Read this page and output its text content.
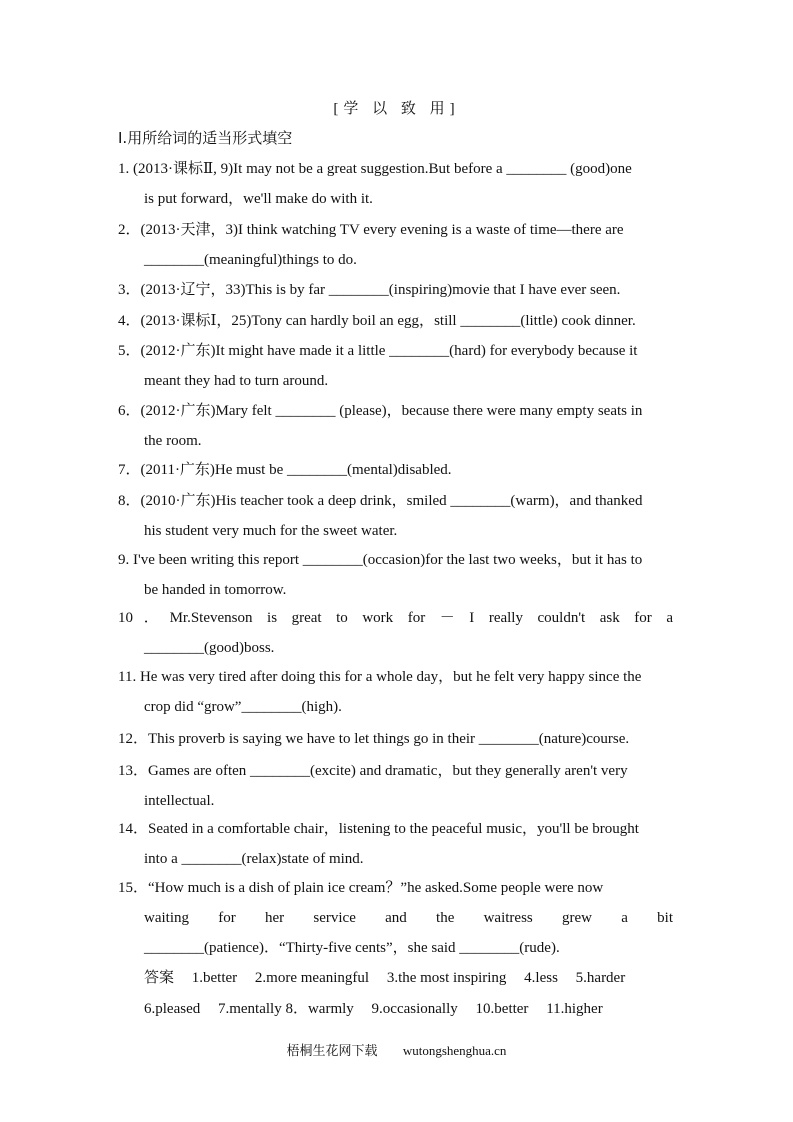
[学 以 致 用]
Ⅰ.用所给词的适当形式填空
1. (2013·课标Ⅱ, 9)It may not be a great suggestion.But before a ________ (good)one
is put forward，we'll make do with it.
2．(2013·天津，3)I think watching TV every evening is a waste of time—there are
________(meaningful)things to do.
3．(2013·辽宁，33)This is by far ________(inspiring)movie that I have ever seen.
4．(2013·课标Ⅰ，25)Tony can hardly boil an egg，still ________(little) cook dinner.
5．(2012·广东)It might have made it a little ________(hard) for everybody because it
meant they had to turn around.
6．(2012·广东)Mary felt ________ (please)，because there were many empty seats in
the room.
7．(2011·广东)He must be ________(mental)disabled.
8．(2010·广东)His teacher took a deep drink，smiled ________(warm)，and thanked
his student very much for the sweet water.
9. I've been writing this report ________(occasion)for the last two weeks，but it has to
be handed in tomorrow.
10．Mr.Stevenson is great to work for － I really couldn't ask for a
________(good)boss.
11. He was very tired after doing this for a whole day，but he felt very happy since the
crop did “grow”________(high).
12．This proverb is saying we have to let things go in their ________(nature)course.
13．Games are often ________(excite) and dramatic，but they generally aren't very
intellectual.
14．Seated in a comfortable chair，listening to the peaceful music，you'll be brought
into a ________(relax)state of mind.
15．“How much is a dish of plain ice cream？”he asked.Some people were now
waiting for her service and the waitress grew a bit
________(patience)．“Thirty-five cents”，she said ________(rude).
答案 1.better 2.more meaningful 3.the most inspiring 4.less 5.harder
6.pleased 7.mentally 8．warmly 9.occasionally 10.better 11.higher
梧桐生花网下载 wutongshenghua.cn
